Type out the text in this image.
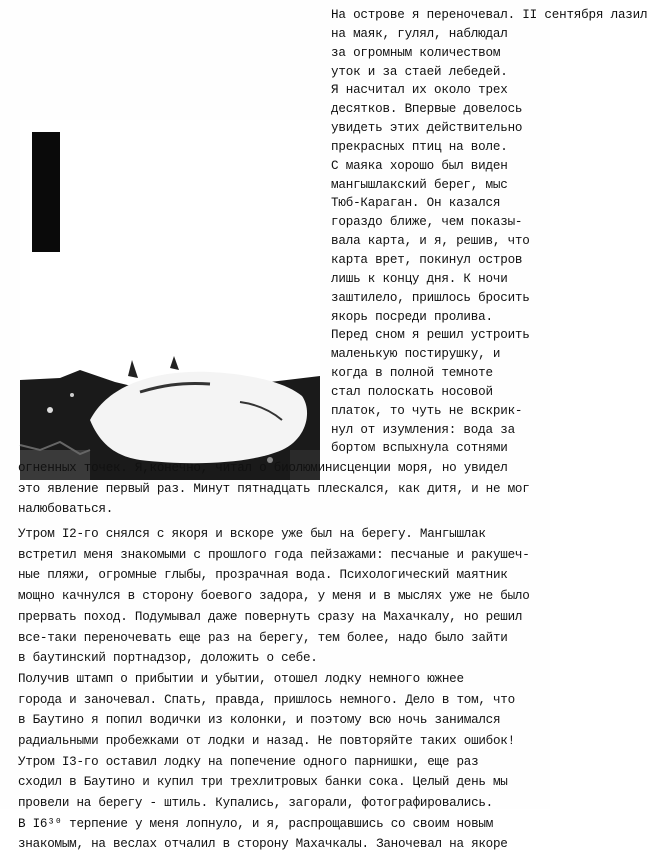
На острове я переночевал. II сентября лазил
на маяк, гулял, наблюдал
за огромным количеством
уток и за стаей лебедей.
Я насчитал их около трех
десятков. Впервые довелось
увидеть этих действительно
прекрасных птиц на воле.
С маяка хорошо был виден
мангышлакский берег, мыс
Тюб-Караган. Он казался
гораздо ближе, чем показы-
вала карта, и я, решив, что
карта врет, покинул остров
лишь к концу дня. К ночи
заштилело, пришлось бросить
якорь посреди пролива.
Перед сном я решил устроить
маленькую постирушку, и
когда в полной темноте
стал полоскать носовой
платок, то чуть не вскрик-
нул от изумления: вода за
бортом вспыхнула сотнями
огненных точек. Я,конечно, читал о биолюминисценции моря, но увидел
это явление первый раз. Минут пятнадцать плескался, как дитя, и не мог
налюбоваться.
Утром I2-го снялся с якоря и вскоре уже был на берегу. Мангышлак
встретил меня знакомыми с прошлого года пейзажами: песчаные и ракушеч-
ные пляжи, огромные глыбы, прозрачная вода. Психологический маятник
мощно качнулся в сторону боевого задора, у меня и в мыслях уже не было
прервать поход. Подумывал даже повернуть сразу на Махачкалу, но решил
все-таки переночевать еще раз на берегу, тем более, надо было зайти
в баутинский портнадзор, доложить о себе.
Получив штамп о прибытии и убытии, отошел лодку немного южнее
города и заночевал. Спать, правда, пришлось немного. Дело в том, что
в Баутино я попил водички из колонки, и поэтому всю ночь занимался
радиальными пробежками от лодки и назад. Не повторяйте таких ошибок!
Утром I3-го оставил лодку на попечение одного парнишки, еще раз
сходил в Баутино и купил три трехлитровых банки сока. Целый день мы
провели на берегу - штиль. Купались, загорали, фотографировались.
В I6³⁰ терпение у меня лопнуло, и я, распрощавшись со своим новым
знакомым, на веслах отчалил в сторону Махачкалы. Заночевал на якоре
